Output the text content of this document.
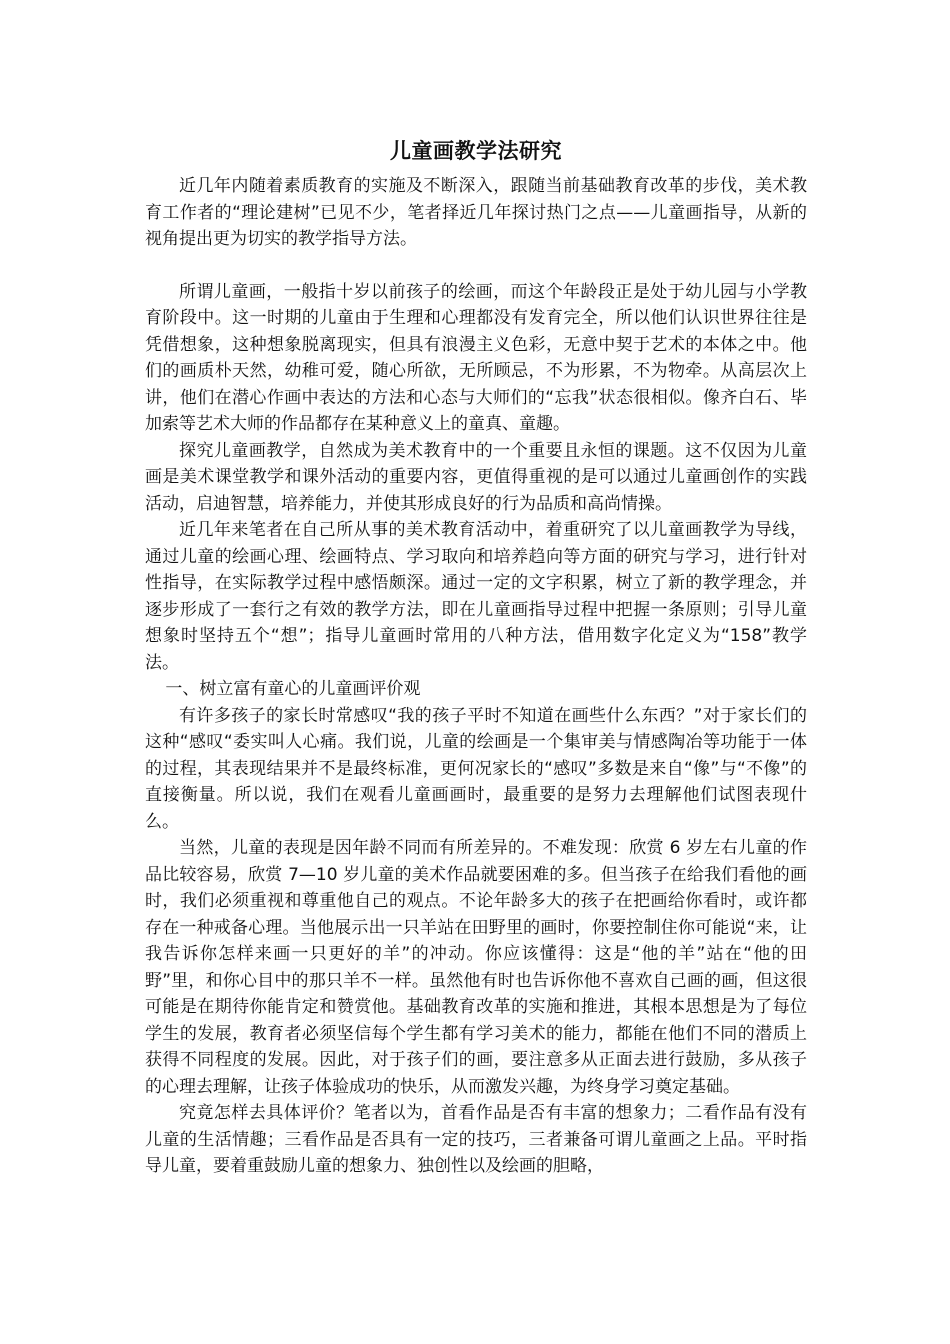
儿童画教学法研究

近几年内随着素质教育的实施及不断深入，跟随当前基础教育改革的步伐，美术教育工作者的“理论建树”已见不少，笔者择近几年探讨热门之点——儿童画指导，从新的视角提出更为切实的教学指导方法。

所谓儿童画，一般指十岁以前孩子的绘画，而这个年龄段正是处于幼儿园与小学教育阶段中。这一时期的儿童由于生理和心理都没有发育完全，所以他们认识世界往往是凭借想象，这种想象脱离现实，但具有浪漫主义色彩，无意中契于艺术的本体之中。他们的画质朴天然，幼稚可爱，随心所欲，无所顾忌，不为形累，不为物牵。从高层次上讲，他们在潜心作画中表达的方法和心态与大师们的“忘我”状态很相似。像齐白石、毕加索等艺术大师的作品都存在某种意义上的童真、童趣。

探究儿童画教学，自然成为美术教育中的一个重要且永恒的课题。这不仅因为儿童画是美术课堂教学和课外活动的重要内容，更值得重视的是可以通过儿童画创作的实践活动，启迪智慧，培养能力，并使其形成良好的行为品质和高尚情操。

近几年来笔者在自己所从事的美术教育活动中，着重研究了以儿童画教学为导线，通过儿童的绘画心理、绘画特点、学习取向和培养趋向等方面的研究与学习，进行针对性指导，在实际教学过程中感悟颇深。通过一定的文字积累，树立了新的教学理念，并逐步形成了一套行之有效的教学方法，即在儿童画指导过程中把握一条原则；引导儿童想象时坚持五个“想”；指导儿童画时常用的八种方法，借用数字化定义为“158”教学法。

一、树立富有童心的儿童画评价观

有许多孩子的家长时常感叹“我的孩子平时不知道在画些什么东西？”对于家长们的这种“感叹“委实叫人心痛。我们说，儿童的绘画是一个集审美与情感陶冶等功能于一体的过程，其表现结果并不是最终标准，更何况家长的“感叹”多数是来自“像”与“不像”的直接衡量。所以说，我们在观看儿童画画时，最重要的是努力去理解他们试图表现什么。

当然，儿童的表现是因年龄不同而有所差异的。不难发现：欣赏 6 岁左右儿童的作品比较容易，欣赏 7—10 岁儿童的美术作品就要困难的多。但当孩子在给我们看他的画时，我们必须重视和尊重他自己的观点。不论年龄多大的孩子在把画给你看时，或许都存在一种戒备心理。当他展示出一只羊站在田野里的画时，你要控制住你可能说“来，让我告诉你怎样来画一只更好的羊”的冲动。你应该懂得：这是“他的羊”站在“他的田野”里，和你心目中的那只羊不一样。虽然他有时也告诉你他不喜欢自己画的画，但这很可能是在期待你能肯定和赞赏他。基础教育改革的实施和推进，其根本思想是为了每位学生的发展，教育者必须坚信每个学生都有学习美术的能力，都能在他们不同的潜质上获得不同程度的发展。因此，对于孩子们的画，要注意多从正面去进行鼓励，多从孩子的心理去理解，让孩子体验成功的快乐，从而激发兴趣，为终身学习奠定基础。

究竟怎样去具体评价？笔者以为，首看作品是否有丰富的想象力；二看作品有没有儿童的生活情趣；三看作品是否具有一定的技巧，三者兼备可谓儿童画之上品。平时指导儿童，要着重鼓励儿童的想象力、独创性以及绘画的胆略，
